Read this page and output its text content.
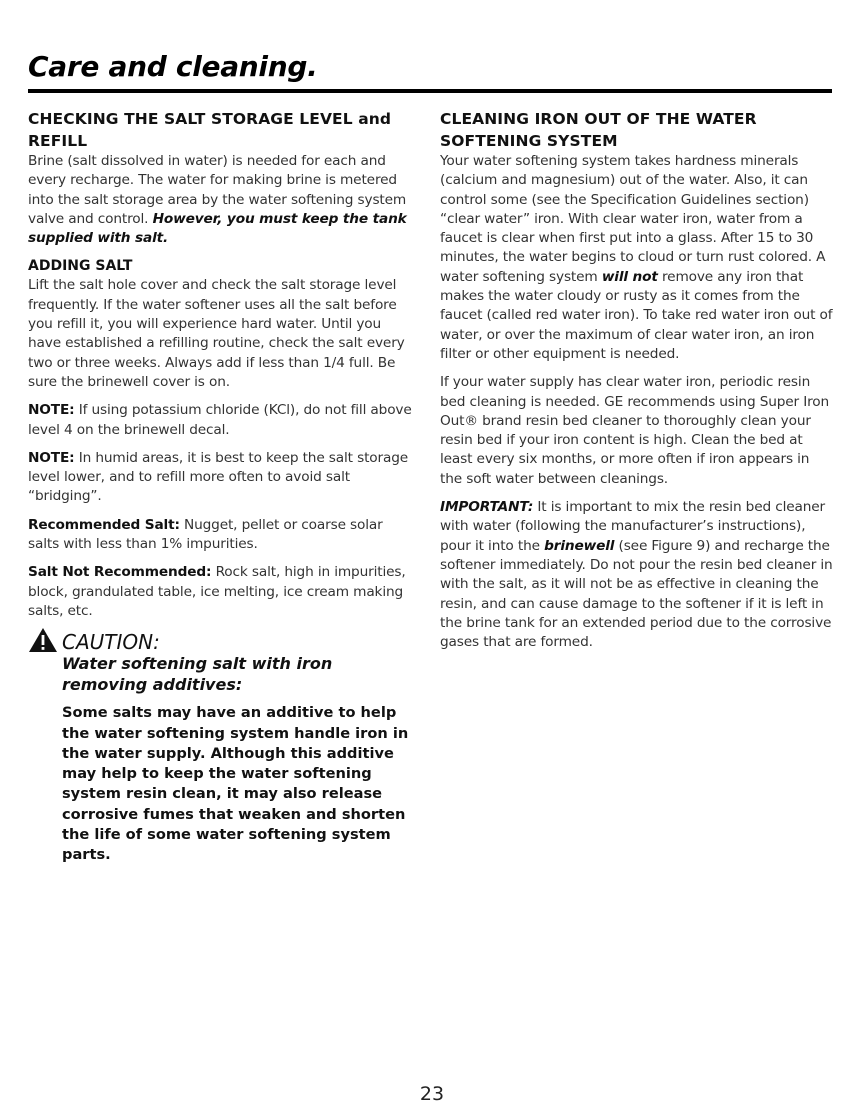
Care and cleaning.
CHECKING THE SALT STORAGE LEVEL and REFILL

Brine (salt dissolved in water) is needed for each and every recharge. The water for making brine is metered into the salt storage area by the water softening system valve and control. However, you must keep the tank supplied with salt.

ADDING SALT

Lift the salt hole cover and check the salt storage level frequently. If the water softener uses all the salt before you refill it, you will experience hard water. Until you have established a refilling routine, check the salt every two or three weeks. Always add if less than 1/4 full. Be sure the brinewell cover is on.

NOTE: If using potassium chloride (KCl), do not fill above level 4 on the brinewell decal.

NOTE: In humid areas, it is best to keep the salt storage level lower, and to refill more often to avoid salt “bridging”.

Recommended Salt: Nugget, pellet or coarse solar salts with less than 1% impurities.

Salt Not Recommended: Rock salt, high in impurities, block, grandulated table, ice melting, ice cream making salts, etc.

CAUTION:

Water softening salt with iron removing additives:

Some salts may have an additive to help the water softening system handle iron in the water supply. Although this additive may help to keep the water softening system resin clean, it may also release corrosive fumes that weaken and shorten the life of some water softening system parts.

CLEANING IRON OUT OF THE WATER SOFTENING SYSTEM

Your water softening system takes hardness minerals (calcium and magnesium) out of the water. Also, it can control some (see the Specification Guidelines section) “clear water” iron. With clear water iron, water from a faucet is clear when first put into a glass. After 15 to 30 minutes, the water begins to cloud or turn rust colored. A water softening system will not remove any iron that makes the water cloudy or rusty as it comes from the faucet (called red water iron). To take red water iron out of water, or over the maximum of clear water iron, an iron filter or other equipment is needed.

If your water supply has clear water iron, periodic resin bed cleaning is needed. GE recommends using Super Iron Out® brand resin bed cleaner to thoroughly clean your resin bed if your iron content is high. Clean the bed at least every six months, or more often if iron appears in the soft water between cleanings.

IMPORTANT: It is important to mix the resin bed cleaner with water (following the manufacturer’s instructions), pour it into the brinewell (see Figure 9) and recharge the softener immediately. Do not pour the resin bed cleaner in with the salt, as it will not be as effective in cleaning the resin, and can cause damage to the softener if it is left in the brine tank for an extended period due to the corrosive gases that are formed.

23
